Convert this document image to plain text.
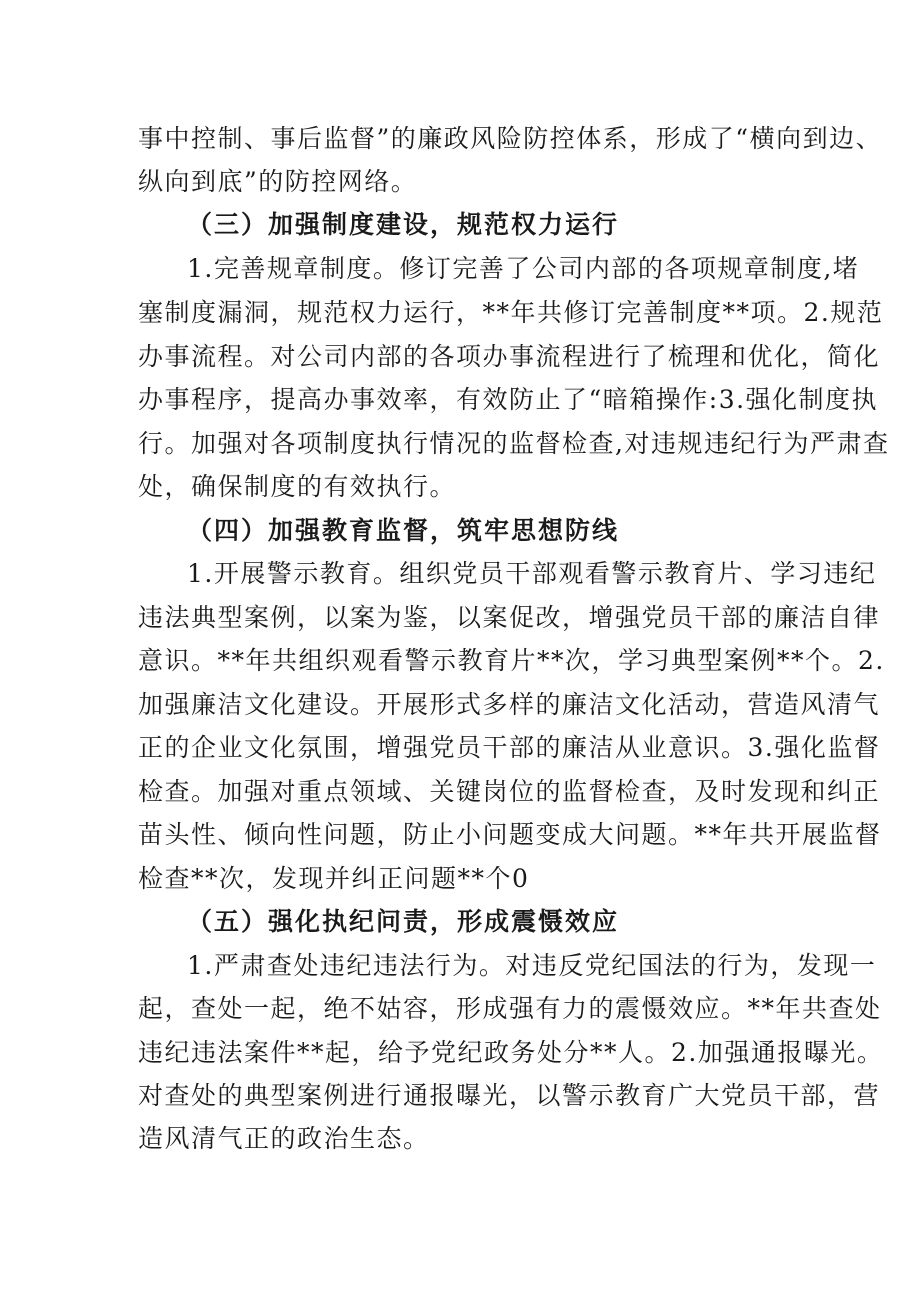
事中控制、事后监督”的廉政风险防控体系，形成了“横向到边、
纵向到底”的防控网络。
（三）加强制度建设，规范权力运行
1.完善规章制度。修订完善了公司内部的各项规章制度,堵
塞制度漏洞，规范权力运行，**年共修订完善制度**项。2.规范
办事流程。对公司内部的各项办事流程进行了梳理和优化，简化
办事程序，提高办事效率，有效防止了“暗箱操作:3.强化制度执
行。加强对各项制度执行情况的监督检查,对违规违纪行为严肃查
处，确保制度的有效执行。
（四）加强教育监督，筑牢思想防线
1.开展警示教育。组织党员干部观看警示教育片、学习违纪
违法典型案例，以案为鉴，以案促改，增强党员干部的廉洁自律
意识。**年共组织观看警示教育片**次，学习典型案例**个。2.
加强廉洁文化建设。开展形式多样的廉洁文化活动，营造风清气
正的企业文化氛围，增强党员干部的廉洁从业意识。3.强化监督
检查。加强对重点领域、关键岗位的监督检查，及时发现和纠正
苗头性、倾向性问题，防止小问题变成大问题。**年共开展监督
检查**次，发现并纠正问题**个0
（五）强化执纪问责，形成震慑效应
1.严肃查处违纪违法行为。对违反党纪国法的行为，发现一
起，查处一起，绝不姑容，形成强有力的震慑效应。**年共查处
违纪违法案件**起，给予党纪政务处分**人。2.加强通报曝光。
对查处的典型案例进行通报曝光，以警示教育广大党员干部，营
造风清气正的政治生态。
